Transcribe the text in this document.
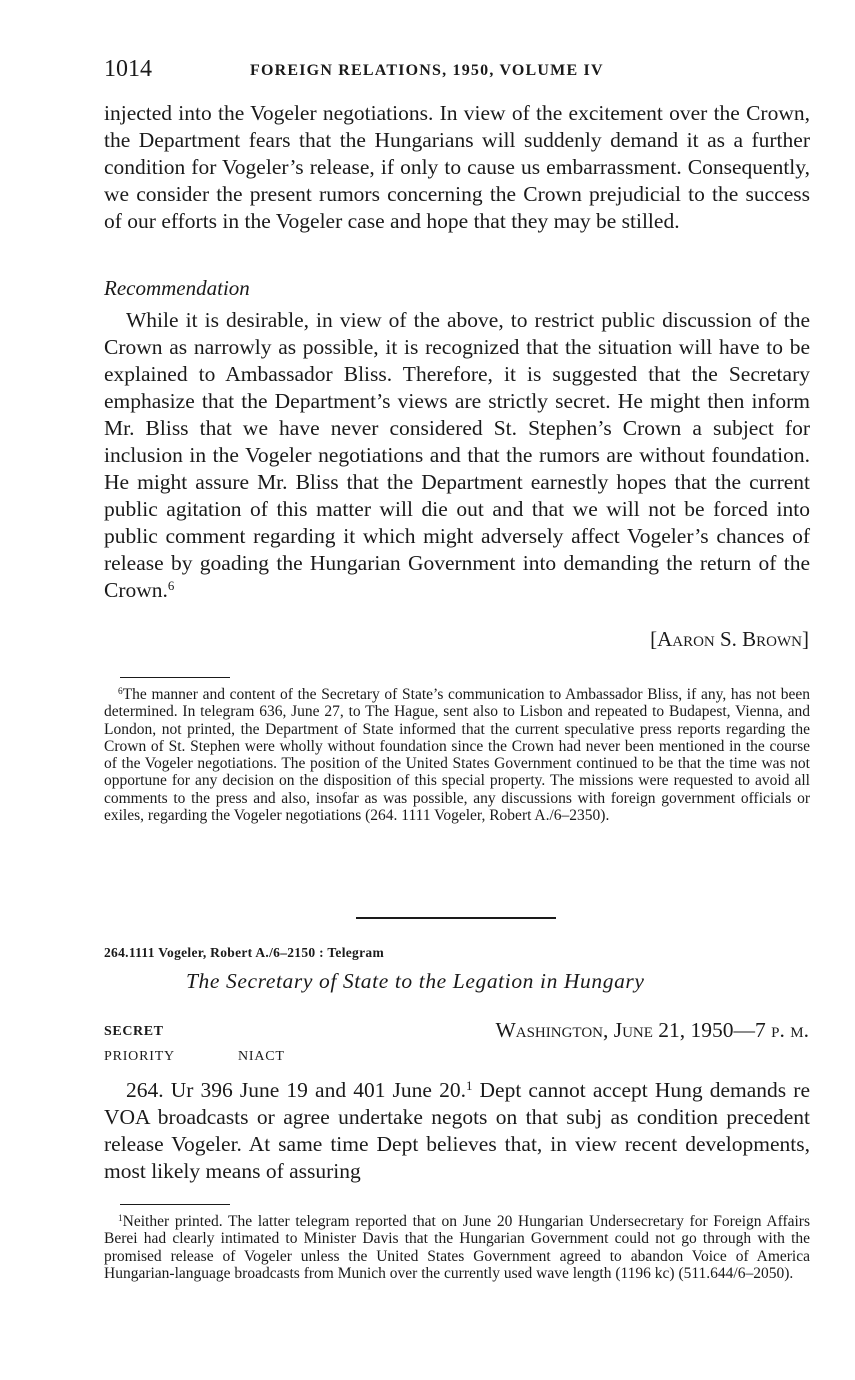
1014	FOREIGN RELATIONS, 1950, VOLUME IV

injected into the Vogeler negotiations. In view of the excitement over the Crown, the Department fears that the Hungarians will suddenly demand it as a further condition for Vogeler’s release, if only to cause us embarrassment. Consequently, we consider the present rumors concerning the Crown prejudicial to the success of our efforts in the Vogeler case and hope that they may be stilled.

Recommendation

While it is desirable, in view of the above, to restrict public discussion of the Crown as narrowly as possible, it is recognized that the situation will have to be explained to Ambassador Bliss. Therefore, it is suggested that the Secretary emphasize that the Department’s views are strictly secret. He might then inform Mr. Bliss that we have never considered St. Stephen’s Crown a subject for inclusion in the Vogeler negotiations and that the rumors are without foundation. He might assure Mr. Bliss that the Department earnestly hopes that the current public agitation of this matter will die out and that we will not be forced into public comment regarding it which might adversely affect Vogeler’s chances of release by goading the Hungarian Government into demanding the return of the Crown.$^6$

[Aaron S. Brown]

$^6$The manner and content of the Secretary of State’s communication to Ambassador Bliss, if any, has not been determined. In telegram 636, June 27, to The Hague, sent also to Lisbon and repeated to Budapest, Vienna, and London, not printed, the Department of State informed that the current speculative press reports regarding the Crown of St. Stephen were wholly without foundation since the Crown had never been mentioned in the course of the Vogeler negotiations. The position of the United States Government continued to be that the time was not opportune for any decision on the disposition of this special property. The missions were requested to avoid all comments to the press and also, insofar as was possible, any discussions with foreign government officials or exiles, regarding the Vogeler negotiations (264. 1111 Vogeler, Robert A./6–2350).

264.1111 Vogeler, Robert A./6–2150 : Telegram
The Secretary of State to the Legation in Hungary
SECRET	Washington, June 21, 1950—7 p. m.
PRIORITY	NIACT

264. Ur 396 June 19 and 401 June 20.$^1$ Dept cannot accept Hung demands re VOA broadcasts or agree undertake negots on that subj as condition precedent release Vogeler. At same time Dept believes that, in view recent developments, most likely means of assuring

$^1$Neither printed. The latter telegram reported that on June 20 Hungarian Undersecretary for Foreign Affairs Berei had clearly intimated to Minister Davis that the Hungarian Government could not go through with the promised release of Vogeler unless the United States Government agreed to abandon Voice of America Hungarian-language broadcasts from Munich over the currently used wave length (1196 kc) (511.644/6–2050).
